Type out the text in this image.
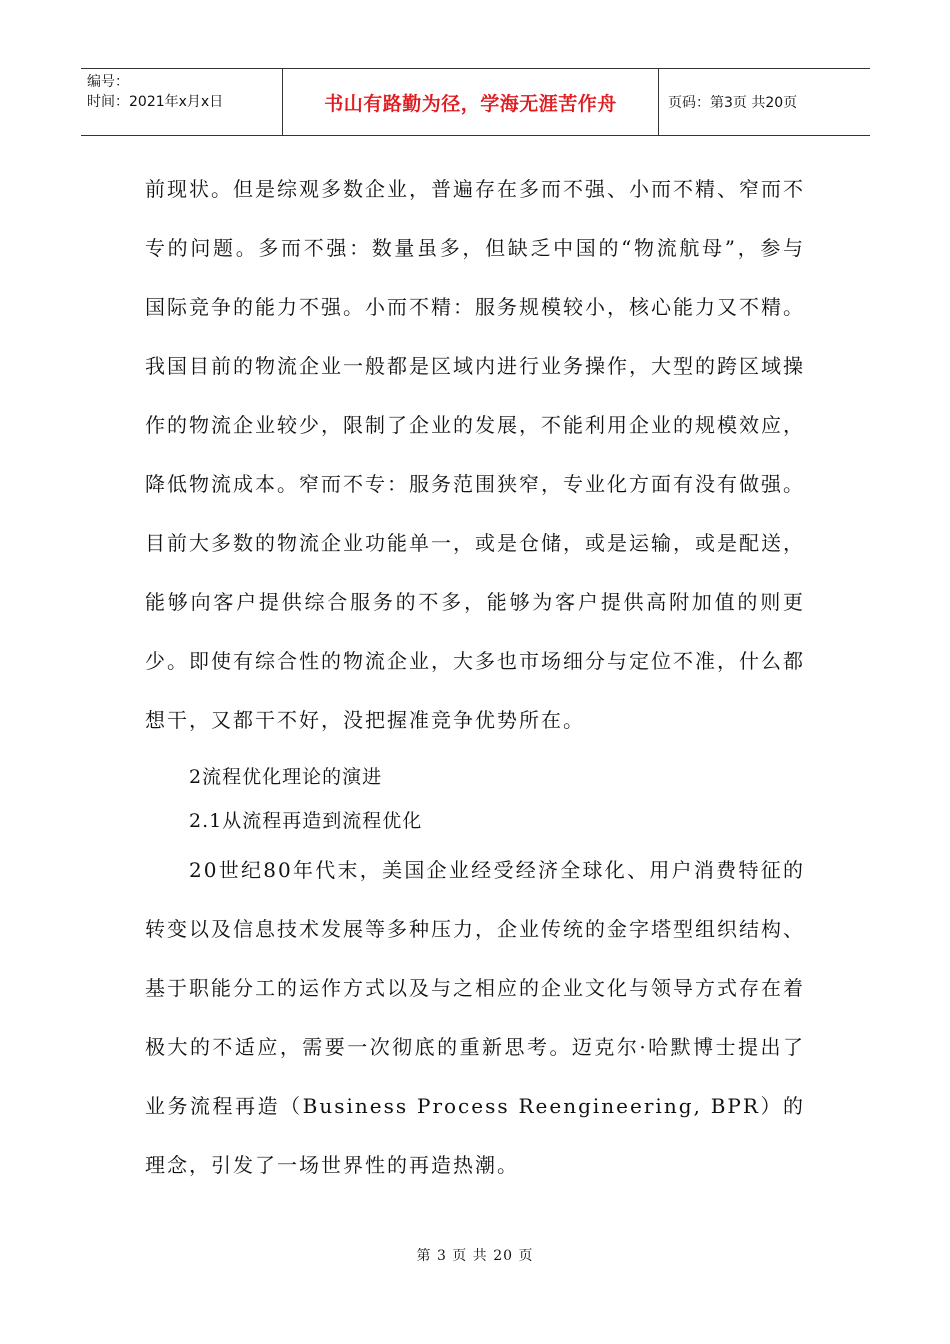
编号：
时间：2021年x月x日	书山有路勤为径，学海无涯苦作舟	页码：第3页 共20页

前现状。但是综观多数企业，普遍存在多而不强、小而不精、窄而不专的问题。多而不强：数量虽多，但缺乏中国的“物流航母”，参与国际竞争的能力不强。小而不精：服务规模较小，核心能力又不精。我国目前的物流企业一般都是区域内进行业务操作，大型的跨区域操作的物流企业较少，限制了企业的发展，不能利用企业的规模效应，降低物流成本。窄而不专：服务范围狭窄，专业化方面有没有做强。目前大多数的物流企业功能单一，或是仓储，或是运输，或是配送，能够向客户提供综合服务的不多，能够为客户提供高附加值的则更少。即使有综合性的物流企业，大多也市场细分与定位不准，什么都想干，又都干不好，没把握准竞争优势所在。

2流程优化理论的演进

2.1从流程再造到流程优化

20世纪80年代末，美国企业经受经济全球化、用户消费特征的转变以及信息技术发展等多种压力，企业传统的金字塔型组织结构、基于职能分工的运作方式以及与之相应的企业文化与领导方式存在着极大的不适应，需要一次彻底的重新思考。迈克尔·哈默博士提出了业务流程再造（Business Process Reengineering, BPR）的理念，引发了一场世界性的再造热潮。

第 3 页 共 20 页
